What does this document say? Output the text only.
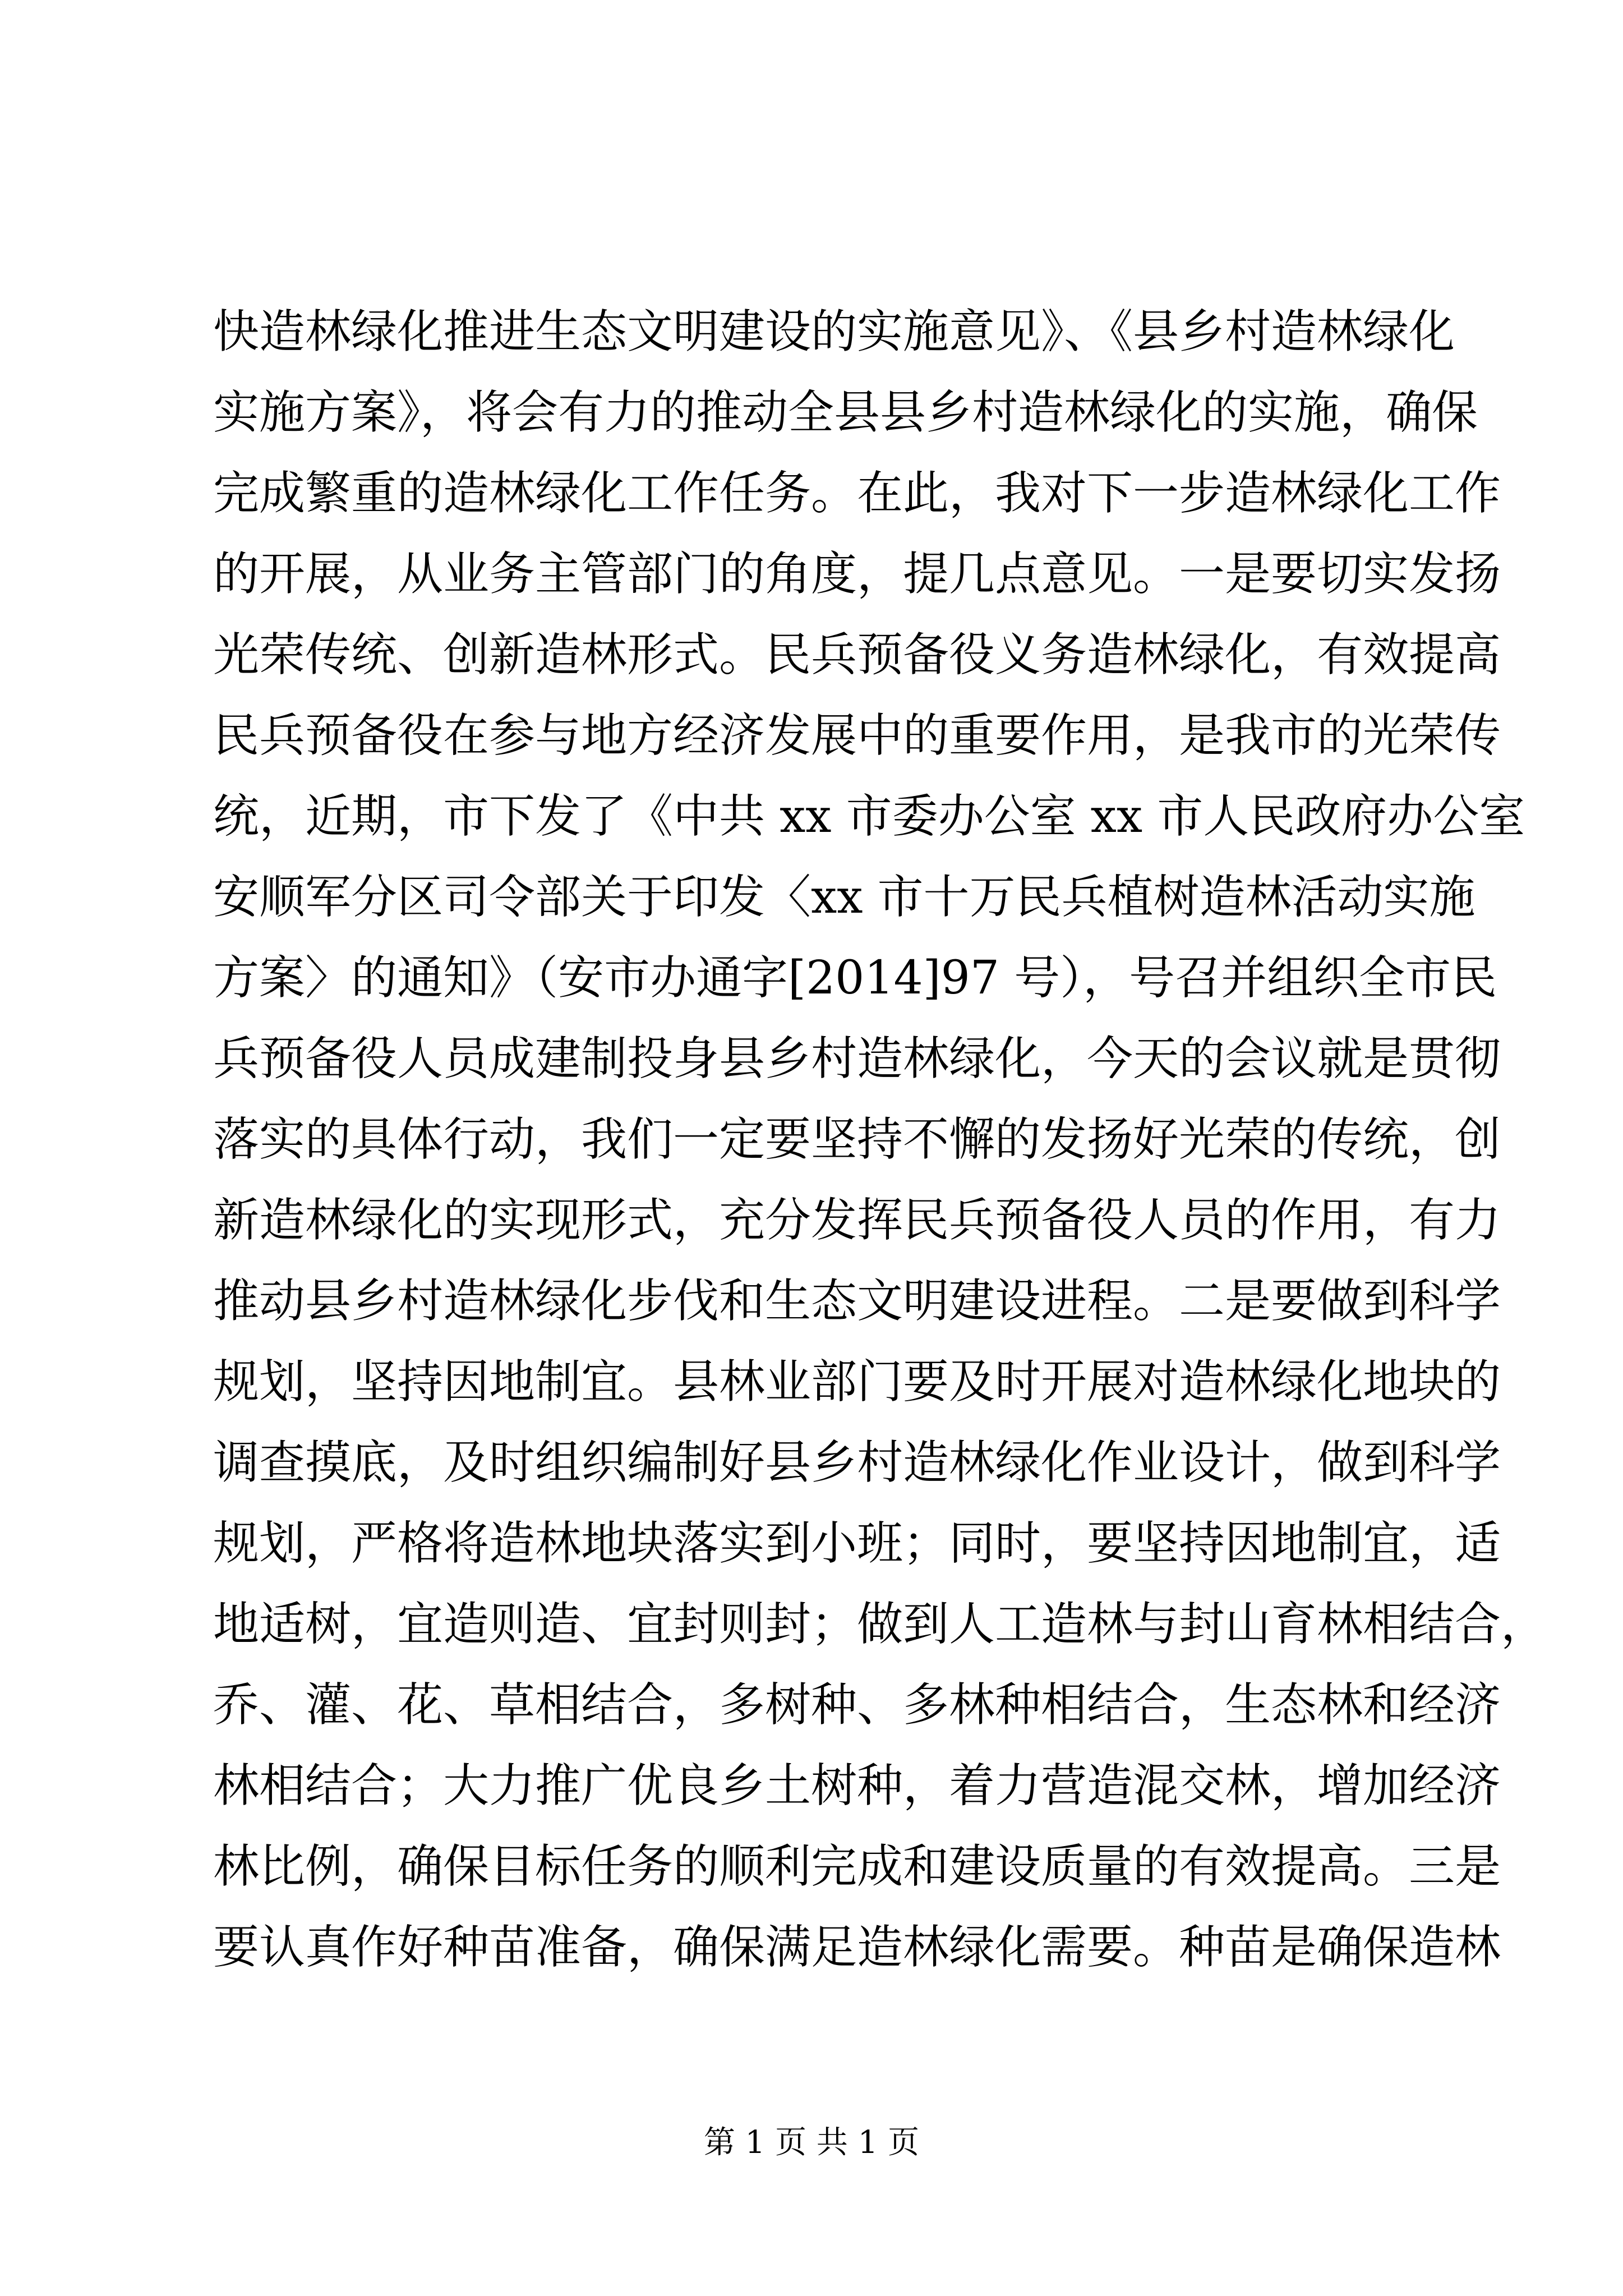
快造林绿化推进生态文明建设的实施意见》、《县乡村造林绿化
实施方案》，将会有力的推动全县县乡村造林绿化的实施，确保
完成繁重的造林绿化工作任务。在此，我对下一步造林绿化工作
的开展，从业务主管部门的角度，提几点意见。一是要切实发扬
光荣传统、创新造林形式。民兵预备役义务造林绿化，有效提高
民兵预备役在参与地方经济发展中的重要作用，是我市的光荣传
统，近期，市下发了《中共 xx 市委办公室 xx 市人民政府办公室
安顺军分区司令部关于印发〈xx 市十万民兵植树造林活动实施
方案〉的通知》（安市办通字[2014]97 号），号召并组织全市民
兵预备役人员成建制投身县乡村造林绿化，今天的会议就是贯彻
落实的具体行动，我们一定要坚持不懈的发扬好光荣的传统，创
新造林绿化的实现形式，充分发挥民兵预备役人员的作用，有力
推动县乡村造林绿化步伐和生态文明建设进程。二是要做到科学
规划，坚持因地制宜。县林业部门要及时开展对造林绿化地块的
调查摸底，及时组织编制好县乡村造林绿化作业设计，做到科学
规划，严格将造林地块落实到小班；同时，要坚持因地制宜，适
地适树，宜造则造、宜封则封；做到人工造林与封山育林相结合，
乔、灌、花、草相结合，多树种、多林种相结合，生态林和经济
林相结合；大力推广优良乡土树种，着力营造混交林，增加经济
林比例，确保目标任务的顺利完成和建设质量的有效提高。三是
要认真作好种苗准备，确保满足造林绿化需要。种苗是确保造林
第 1 页 共 1 页
